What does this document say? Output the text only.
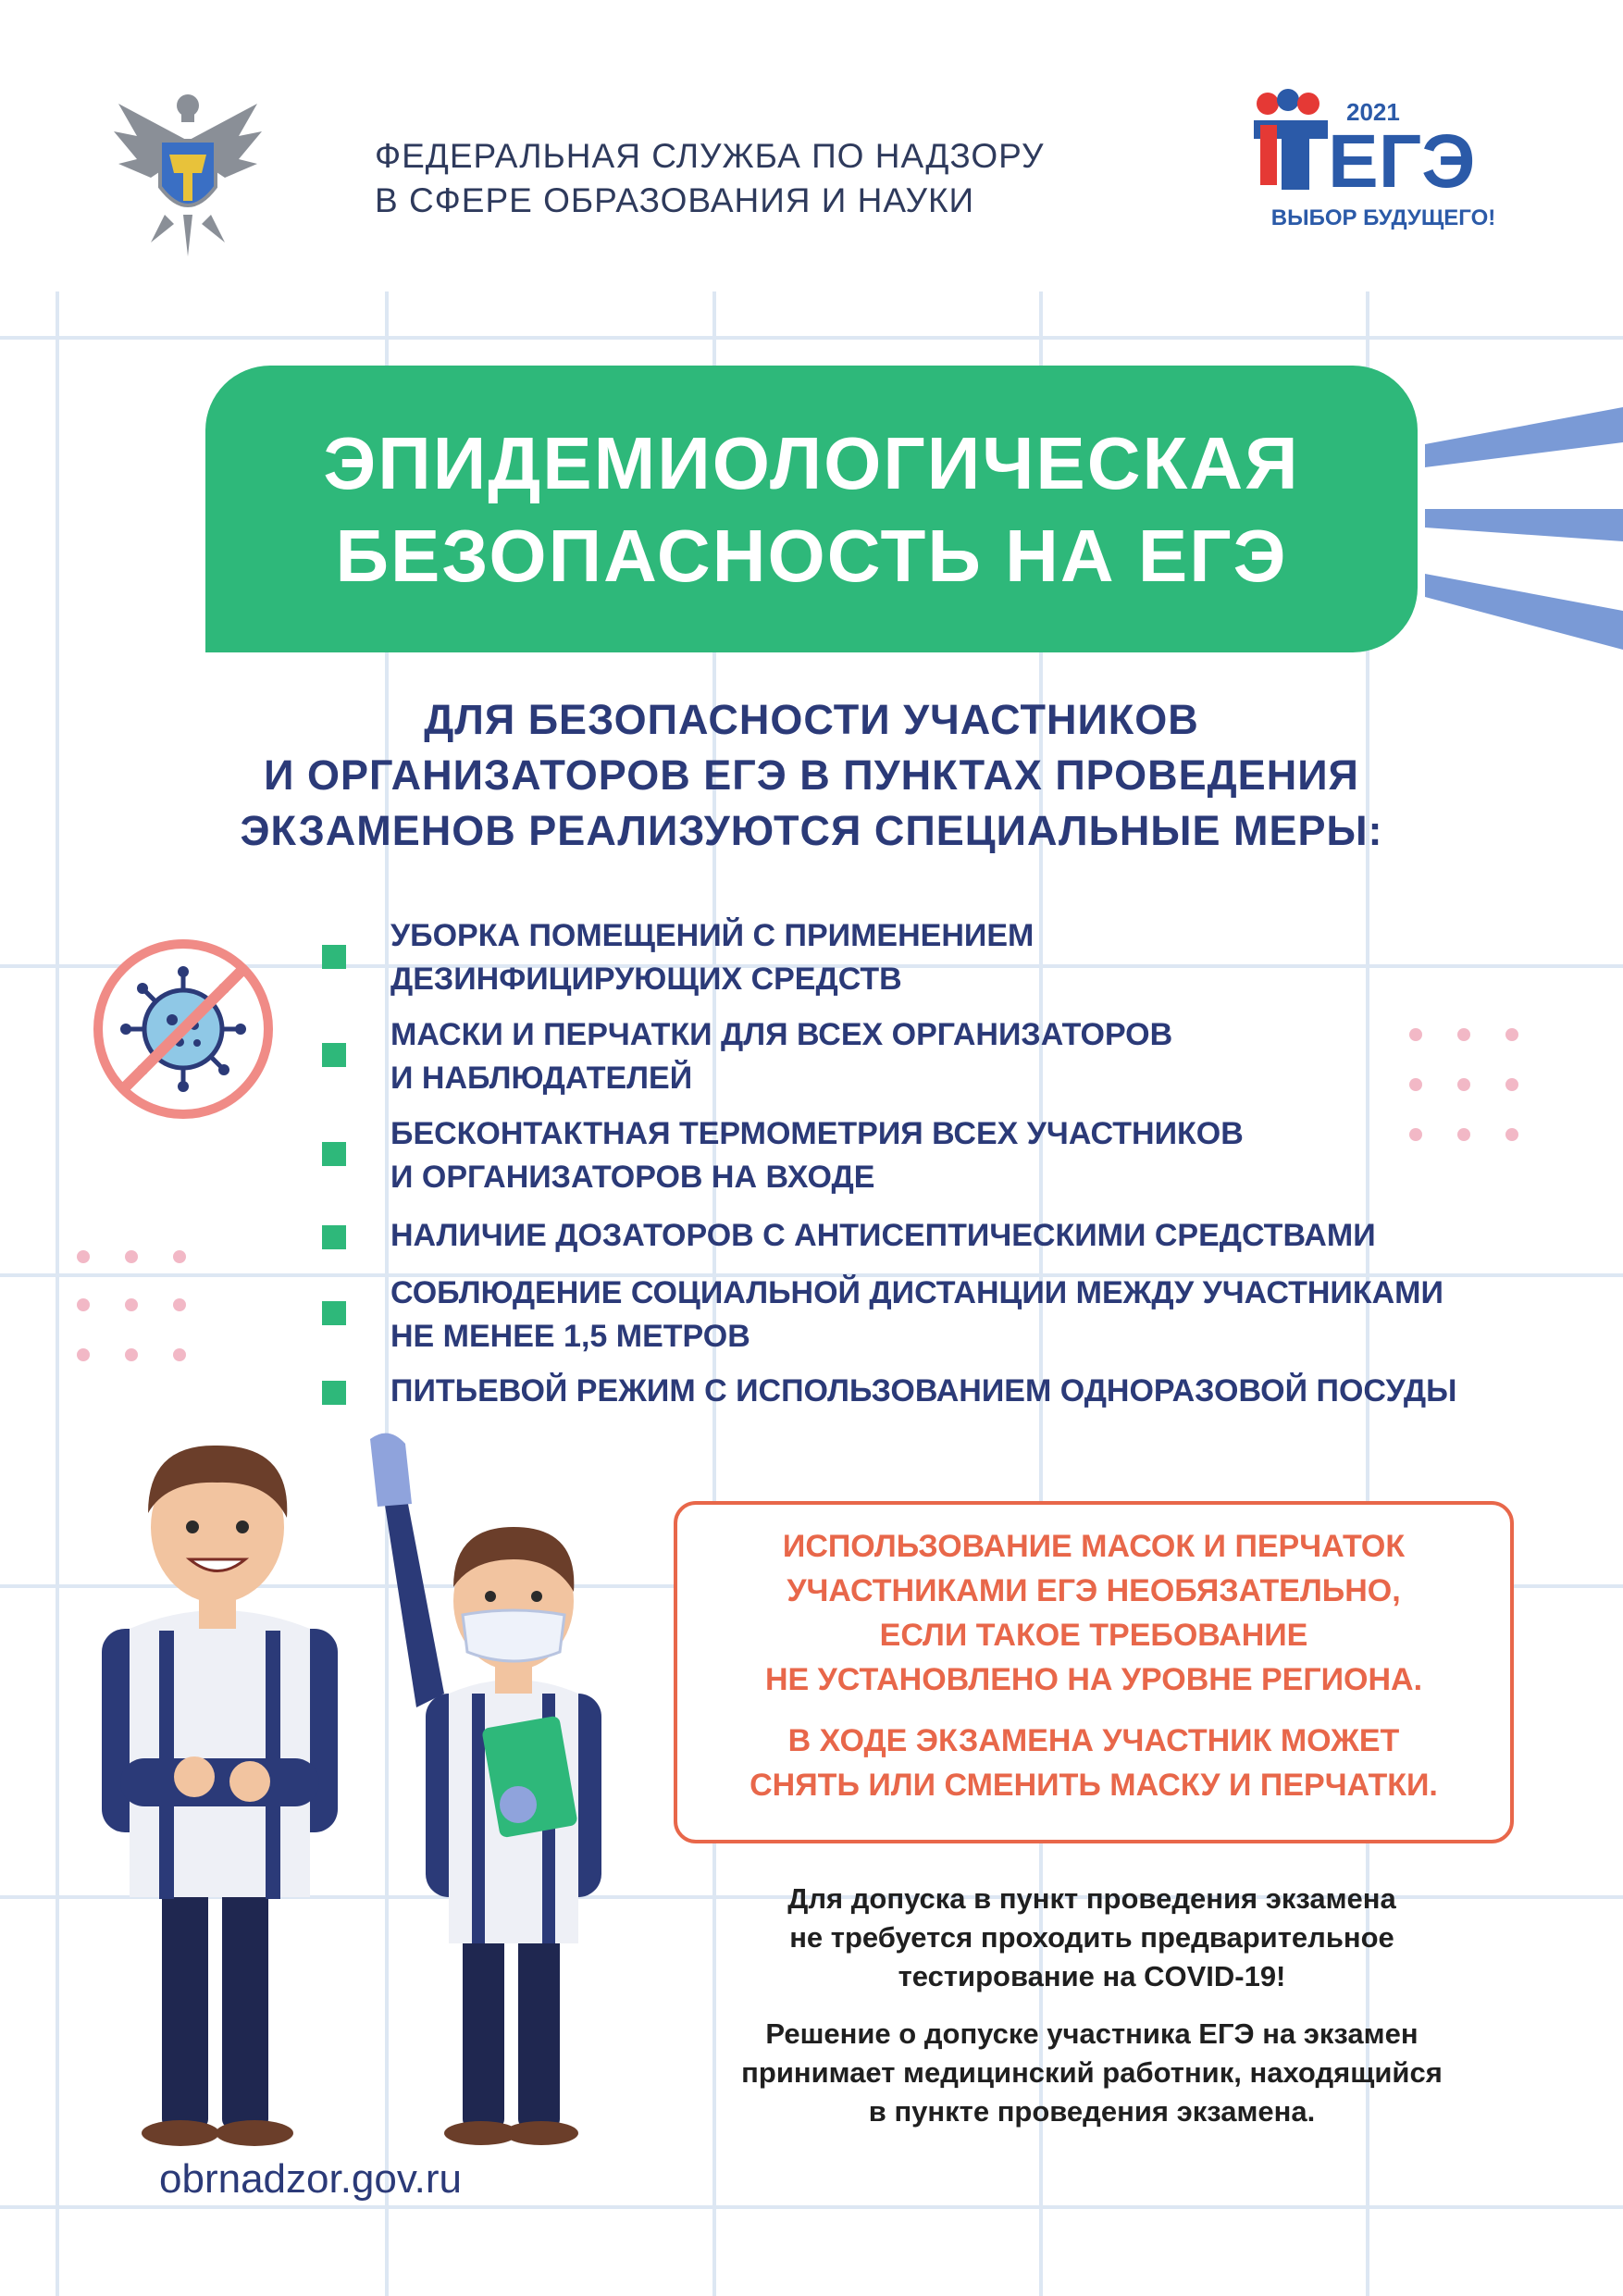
ФЕДЕРАЛЬНАЯ СЛУЖБА ПО НАДЗОРУ
В СФЕРЕ ОБРАЗОВАНИЯ И НАУКИ
2021
ЕГЭ
ВЫБОР БУДУЩЕГО!
ЭПИДЕМИОЛОГИЧЕСКАЯ
БЕЗОПАСНОСТЬ НА ЕГЭ
ДЛЯ БЕЗОПАСНОСТИ УЧАСТНИКОВ
И ОРГАНИЗАТОРОВ ЕГЭ В ПУНКТАХ ПРОВЕДЕНИЯ
ЭКЗАМЕНОВ РЕАЛИЗУЮТСЯ СПЕЦИАЛЬНЫЕ МЕРЫ:
УБОРКА ПОМЕЩЕНИЙ С ПРИМЕНЕНИЕМ
ДЕЗИНФИЦИРУЮЩИХ СРЕДСТВ
МАСКИ И ПЕРЧАТКИ ДЛЯ ВСЕХ ОРГАНИЗАТОРОВ
И НАБЛЮДАТЕЛЕЙ
БЕСКОНТАКТНАЯ ТЕРМОМЕТРИЯ ВСЕХ УЧАСТНИКОВ
И ОРГАНИЗАТОРОВ НА ВХОДЕ
НАЛИЧИЕ ДОЗАТОРОВ С АНТИСЕПТИЧЕСКИМИ СРЕДСТВАМИ
СОБЛЮДЕНИЕ СОЦИАЛЬНОЙ ДИСТАНЦИИ МЕЖДУ УЧАСТНИКАМИ
НЕ МЕНЕЕ 1,5 МЕТРОВ
ПИТЬЕВОЙ РЕЖИМ С ИСПОЛЬЗОВАНИЕМ ОДНОРАЗОВОЙ ПОСУДЫ
ИСПОЛЬЗОВАНИЕ МАСОК И ПЕРЧАТОК
УЧАСТНИКАМИ ЕГЭ НЕОБЯЗАТЕЛЬНО,
ЕСЛИ ТАКОЕ ТРЕБОВАНИЕ
НЕ УСТАНОВЛЕНО НА УРОВНЕ РЕГИОНА.
В ХОДЕ ЭКЗАМЕНА УЧАСТНИК МОЖЕТ
СНЯТЬ ИЛИ СМЕНИТЬ МАСКУ И ПЕРЧАТКИ.
Для допуска в пункт проведения экзамена
не требуется проходить предварительное
тестирование на COVID-19!
Решение о допуске участника ЕГЭ на экзамен
принимает медицинский работник, находящийся
в пункте проведения экзамена.
obrnadzor.gov.ru
